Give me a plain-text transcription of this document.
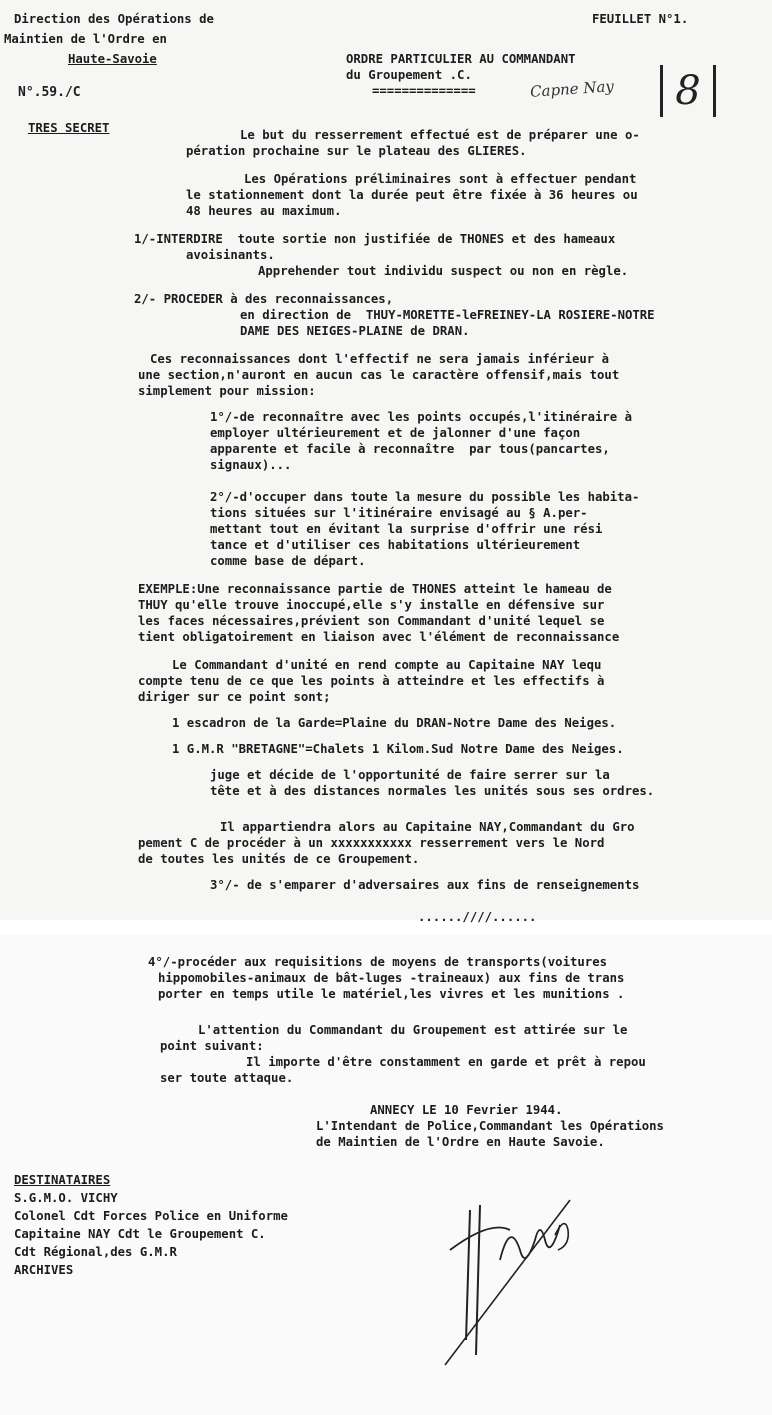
Direction des Opérations de

Maintien de l'Ordre en

Haute-Savoie

N°.59./C

FEUILLET N°1.

ORDRE PARTICULIER AU COMMANDANT

du Groupement .C.

==============	Capne Nay	8

TRES SECRET	Le but du resserrement effectué est de préparer une o-

pération prochaine sur le plateau des GLIERES.

Les Opérations préliminaires sont à effectuer pendant

le stationnement dont la durée peut être fixée à 36 heures ou

48 heures au maximum.

1/-INTERDIRE  toute sortie non justifiée de THONES et des hameaux

avoisinants.

Apprehender tout individu suspect ou non en règle.

2/- PROCEDER à des reconnaissances,

en direction de  THUY-MORETTE-leFREINEY-LA ROSIERE-NOTRE

DAME DES NEIGES-PLAINE de DRAN.

Ces reconnaissances dont l'effectif ne sera jamais inférieur à

une section,n'auront en aucun cas le caractère offensif,mais tout

simplement pour mission:

1°/-de reconnaître avec les points occupés,l'itinéraire à

employer ultérieurement et de jalonner d'une façon

apparente et facile à reconnaître  par tous(pancartes,

signaux)...

2°/-d'occuper dans toute la mesure du possible les habita-

tions situées sur l'itinéraire envisagé au § A.per-

mettant tout en évitant la surprise d'offrir une rési

tance et d'utiliser ces habitations ultérieurement

comme base de départ.

EXEMPLE:Une reconnaissance partie de THONES atteint le hameau de

THUY qu'elle trouve inoccupé,elle s'y installe en défensive sur

les faces nécessaires,prévient son Commandant d'unité lequel se

tient obligatoirement en liaison avec l'élément de reconnaissance

Le Commandant d'unité en rend compte au Capitaine NAY lequ

compte tenu de ce que les points à atteindre et les effectifs à

diriger sur ce point sont;

1 escadron de la Garde=Plaine du DRAN-Notre Dame des Neiges.

1 G.M.R "BRETAGNE"=Chalets 1 Kilom.Sud Notre Dame des Neiges.

juge et décide de l'opportunité de faire serrer sur la

tête et à des distances normales les unités sous ses ordres.

Il appartiendra alors au Capitaine NAY,Commandant du Gro

pement C de procéder à un xxxxxxxxxxx resserrement vers le Nord

de toutes les unités de ce Groupement.

3°/- de s'emparer d'adversaires aux fins de renseignements

......////......

4°/-procéder aux requisitions de moyens de transports(voitures

hippomobiles-animaux de bât-luges -traineaux) aux fins de trans

porter en temps utile le matériel,les vivres et les munitions .

L'attention du Commandant du Groupement est attirée sur le

point suivant:

Il importe d'être constamment en garde et prêt à repou

ser toute attaque.

ANNECY LE 10 Fevrier 1944.

L'Intendant de Police,Commandant les Opérations

de Maintien de l'Ordre en Haute Savoie.

DESTINATAIRES

S.G.M.O. VICHY

Colonel Cdt Forces Police en Uniforme

Capitaine NAY Cdt le Groupement C.

Cdt Régional,des G.M.R

ARCHIVES
